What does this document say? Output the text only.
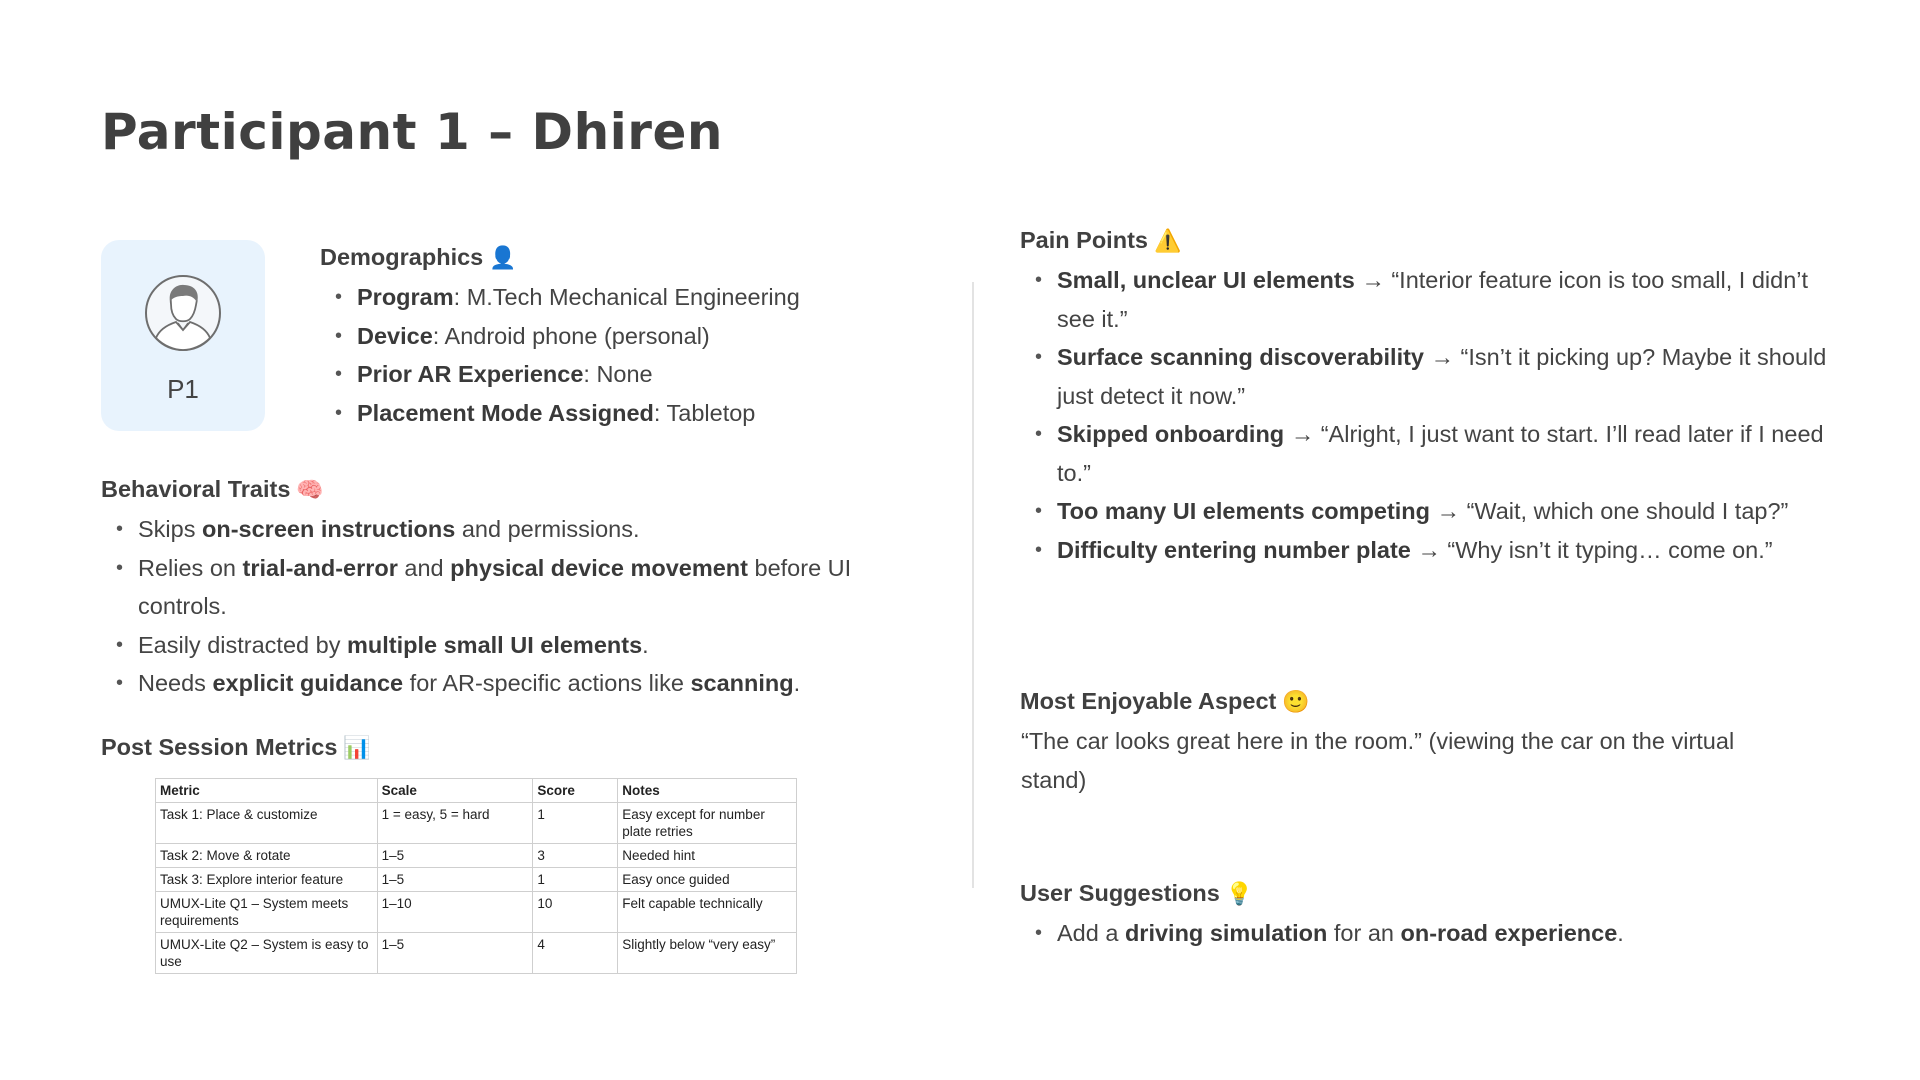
Participant 1 – Dhiren
P1
Demographics 👤
• Program: M.Tech Mechanical Engineering
• Device: Android phone (personal)
• Prior AR Experience: None
• Placement Mode Assigned: Tabletop
Behavioral Traits 🧠
• Skips on-screen instructions and permissions.
• Relies on trial-and-error and physical device movement before UI controls.
• Easily distracted by multiple small UI elements.
• Needs explicit guidance for AR-specific actions like scanning.
Post Session Metrics 📊
Metric	Scale	Score	Notes
Task 1: Place & customize	1 = easy, 5 = hard	1	Easy except for number plate retries
Task 2: Move & rotate	1–5	3	Needed hint
Task 3: Explore interior feature	1–5	1	Easy once guided
UMUX-Lite Q1 – System meets requirements	1–10	10	Felt capable technically
UMUX-Lite Q2 – System is easy to use	1–5	4	Slightly below “very easy”
Pain Points ⚠️
• Small, unclear UI elements → “Interior feature icon is too small, I didn’t see it.”
• Surface scanning discoverability → “Isn’t it picking up? Maybe it should just detect it now.”
• Skipped onboarding → “Alright, I just want to start. I’ll read later if I need to.”
• Too many UI elements competing → “Wait, which one should I tap?”
• Difficulty entering number plate → “Why isn’t it typing… come on.”
Most Enjoyable Aspect 🙂

“The car looks great here in the room.” (viewing the car on the virtual stand)

User Suggestions 💡
• Add a driving simulation for an on-road experience.
